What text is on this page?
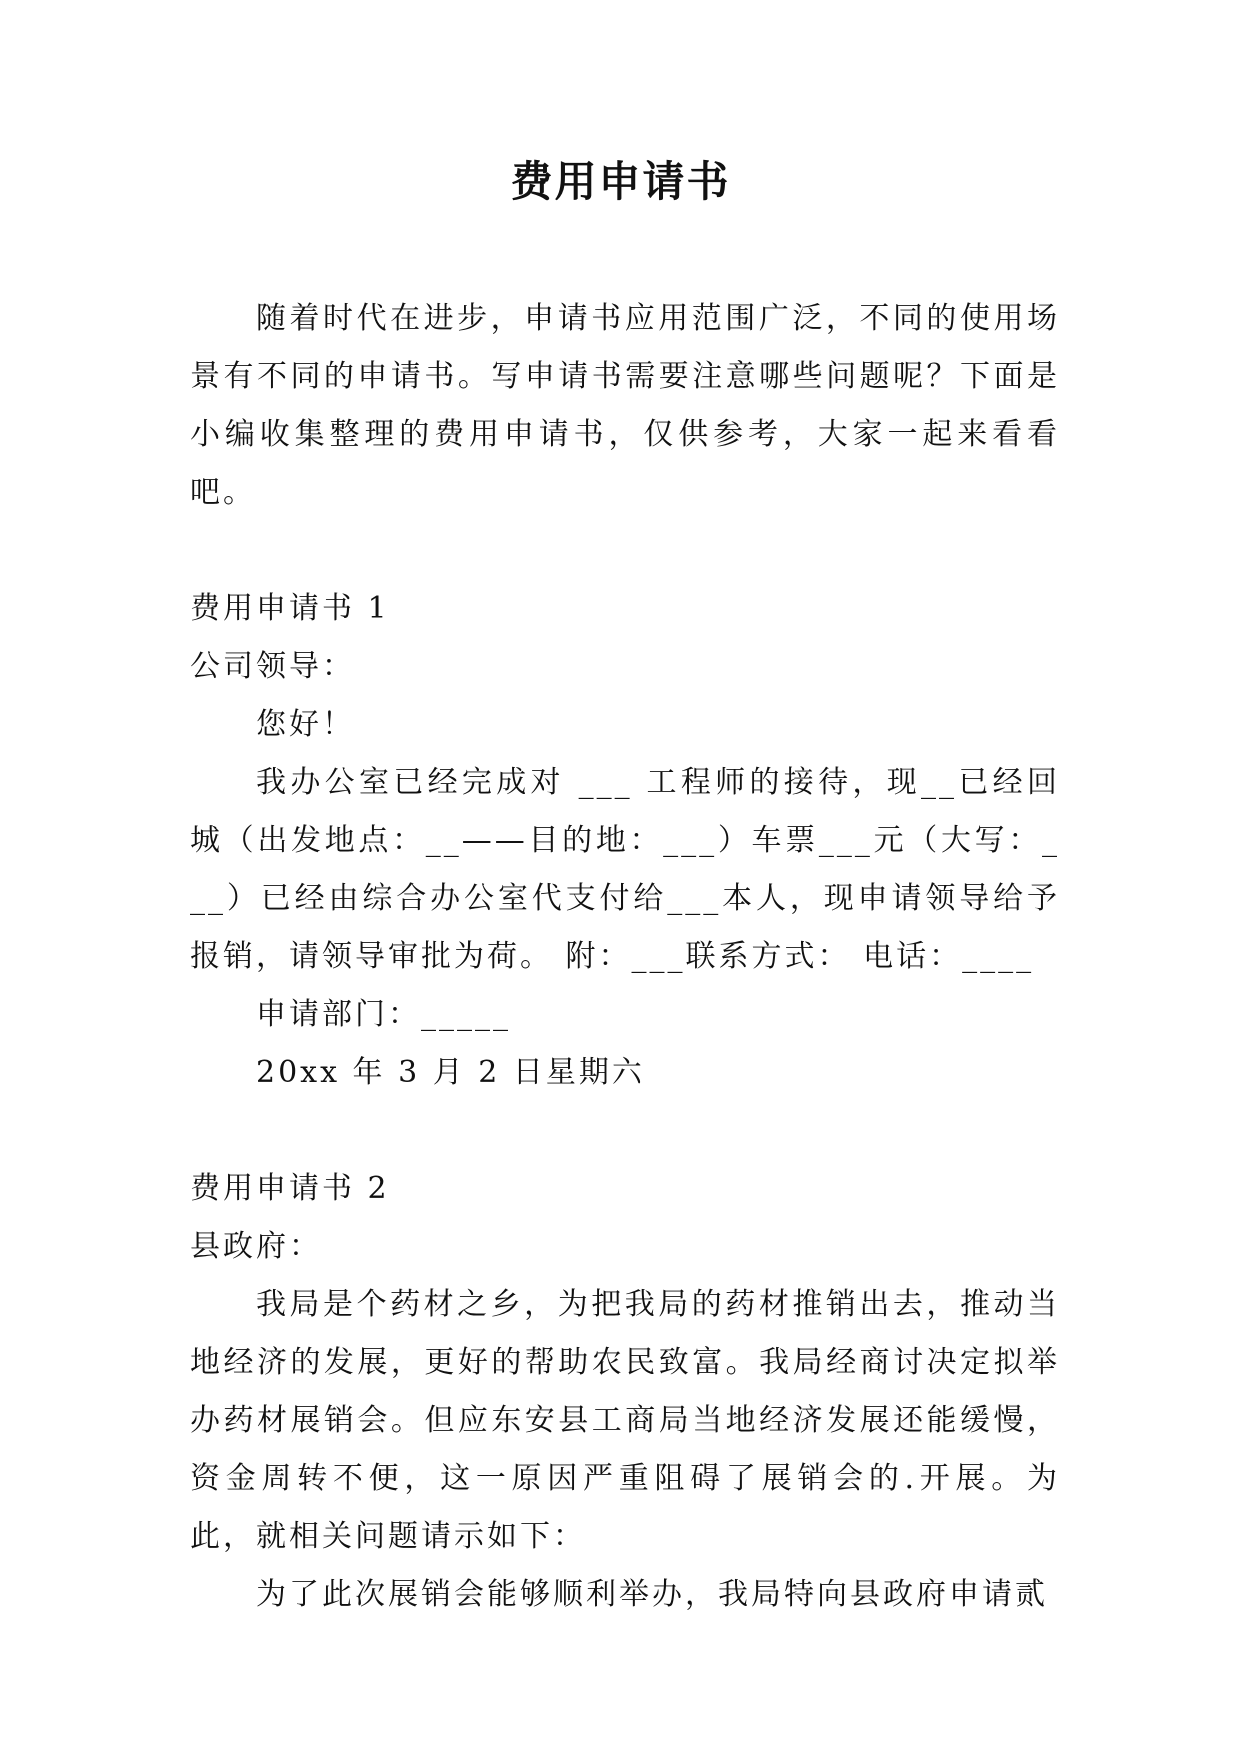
费用申请书

随着时代在进步，申请书应用范围广泛，不同的使用场景有不同的申请书。写申请书需要注意哪些问题呢？下面是小编收集整理的费用申请书，仅供参考，大家一起来看看吧。

费用申请书 1

公司领导：

您好！

我办公室已经完成对 ___ 工程师的接待，现__已经回城（出发地点：__——目的地：___）车票___元（大写：___）已经由综合办公室代支付给___本人，现申请领导给予报销，请领导审批为荷。 附：___联系方式： 电话：____

申请部门：_____

20xx 年 3 月 2 日星期六

费用申请书 2

县政府：

我局是个药材之乡，为把我局的药材推销出去，推动当地经济的发展，更好的帮助农民致富。我局经商讨决定拟举办药材展销会。但应东安县工商局当地经济发展还能缓慢，资金周转不便，这一原因严重阻碍了展销会的.开展。为此，就相关问题请示如下：

为了此次展销会能够顺利举办，我局特向县政府申请贰
